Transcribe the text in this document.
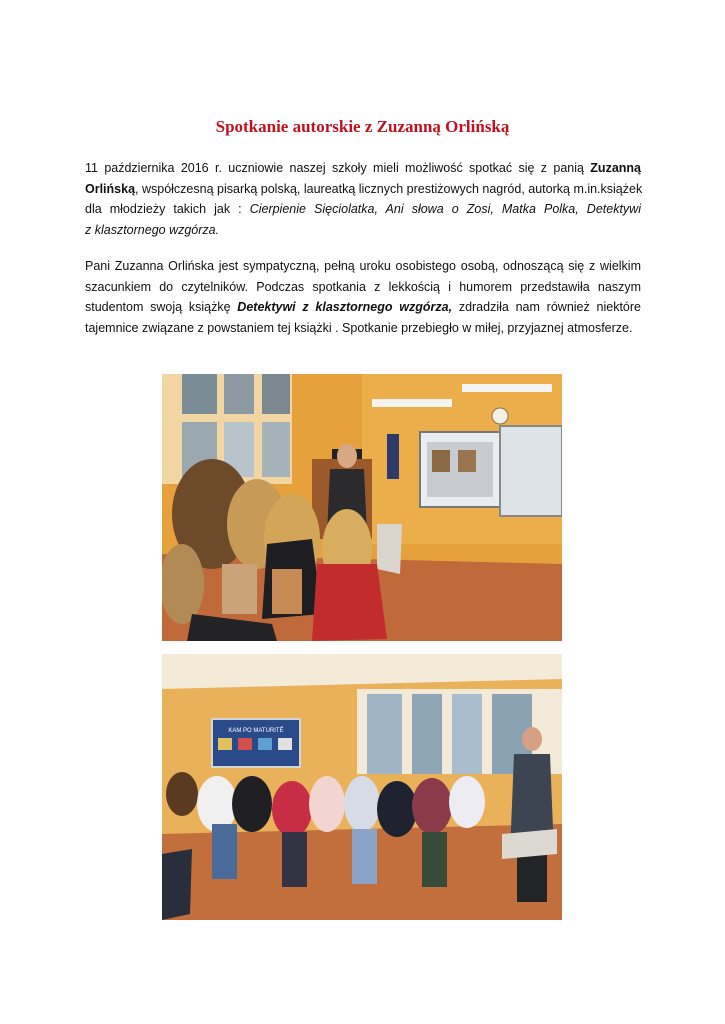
Spotkanie autorskie z Zuzanną Orlińską

11 października 2016 r. uczniowie naszej szkoły mieli możliwość spotkać się z panią Zuzanną
Orlińską, współczesną pisarką polską, laureatką licznych prestiżowych nagród, autorką m.in.książek
dla młodzieży takich jak : Cierpienie Sięciolatka, Ani słowa o Zosi, Matka Polka, Detektywi
z klasztornego wzgórza.

Pani Zuzanna Orlińska jest sympatyczną, pełną uroku osobistego osobą, odnoszącą się z wielkim
szacunkiem do czytelników. Podczas spotkania z lekkością i humorem przedstawiła naszym
studentom swoją książkę Detektywi z klasztornego wzgórza, zdradziła nam również niektóre
tajemnice związane z powstaniem tej książki . Spotkanie przebiegło w miłej, przyjaznej atmosferze.

KAM PO MATURITĚ
